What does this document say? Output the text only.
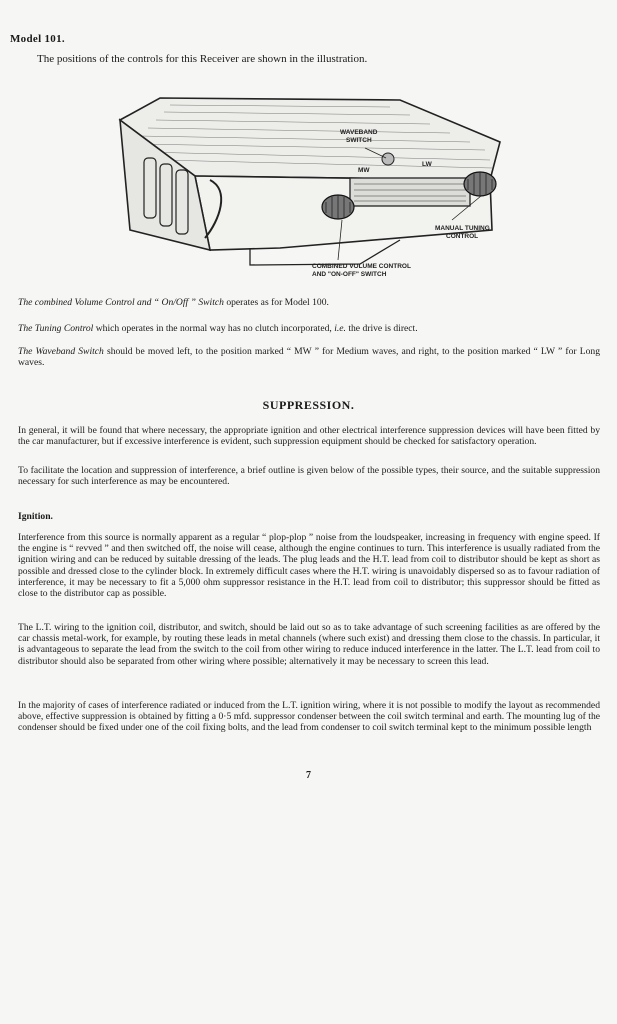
Model 101.
The positions of the controls for this Receiver are shown in the illustration.
WAVEBAND
SWITCH
MW
LW
MANUAL TUNING
CONTROL
COMBINED VOLUME CONTROL
AND "ON-OFF" SWITCH

The combined Volume Control and “ On/Off ” Switch operates as for Model 100.

The Tuning Control which operates in the normal way has no clutch incorporated, i.e. the drive is direct.

The Waveband Switch should be moved left, to the position marked “ MW ” for Medium waves, and right, to the position marked “ LW ” for Long waves.

SUPPRESSION.
In general, it will be found that where necessary, the appropriate ignition and other electrical interference suppression devices will have been fitted by the car manufacturer, but if excessive interference is evident, such suppression equipment should be checked for satisfactory operation.
To facilitate the location and suppression of interference, a brief outline is given below of the possible types, their source, and the suitable suppression necessary for such interference as may be encountered.
Ignition.
Interference from this source is normally apparent as a regular “ plop-plop ” noise from the loudspeaker, increasing in frequency with engine speed. If the engine is “ revved ” and then switched off, the noise will cease, although the engine continues to turn. This interference is usually radiated from the ignition wiring and can be reduced by suitable dressing of the leads. The plug leads and the H.T. lead from coil to distributor should be kept as short as possible and dressed close to the cylinder block. In extremely difficult cases where the H.T. wiring is unavoidably dispersed so as to favour radiation of interference, it may be necessary to fit a 5,000 ohm suppressor resistance in the H.T. lead from coil to distributor; this suppressor should be fitted as close to the distributor cap as possible.
The L.T. wiring to the ignition coil, distributor, and switch, should be laid out so as to take advantage of such screening facilities as are offered by the car chassis metal-work, for example, by routing these leads in metal channels (where such exist) and dressing them close to the chassis. In particular, it is advantageous to separate the lead from the switch to the coil from other wiring to reduce induced interference in the latter. The L.T. lead from coil to distributor should also be separated from other wiring where possible; alternatively it may be necessary to screen this lead.
In the majority of cases of interference radiated or induced from the L.T. ignition wiring, where it is not possible to modify the layout as recommended above, effective suppression is obtained by fitting a 0·5 mfd. suppressor condenser between the coil switch terminal and earth. The mounting lug of the condenser should be fixed under one of the coil fixing bolts, and the lead from condenser to coil switch terminal kept to the minimum possible length
7
